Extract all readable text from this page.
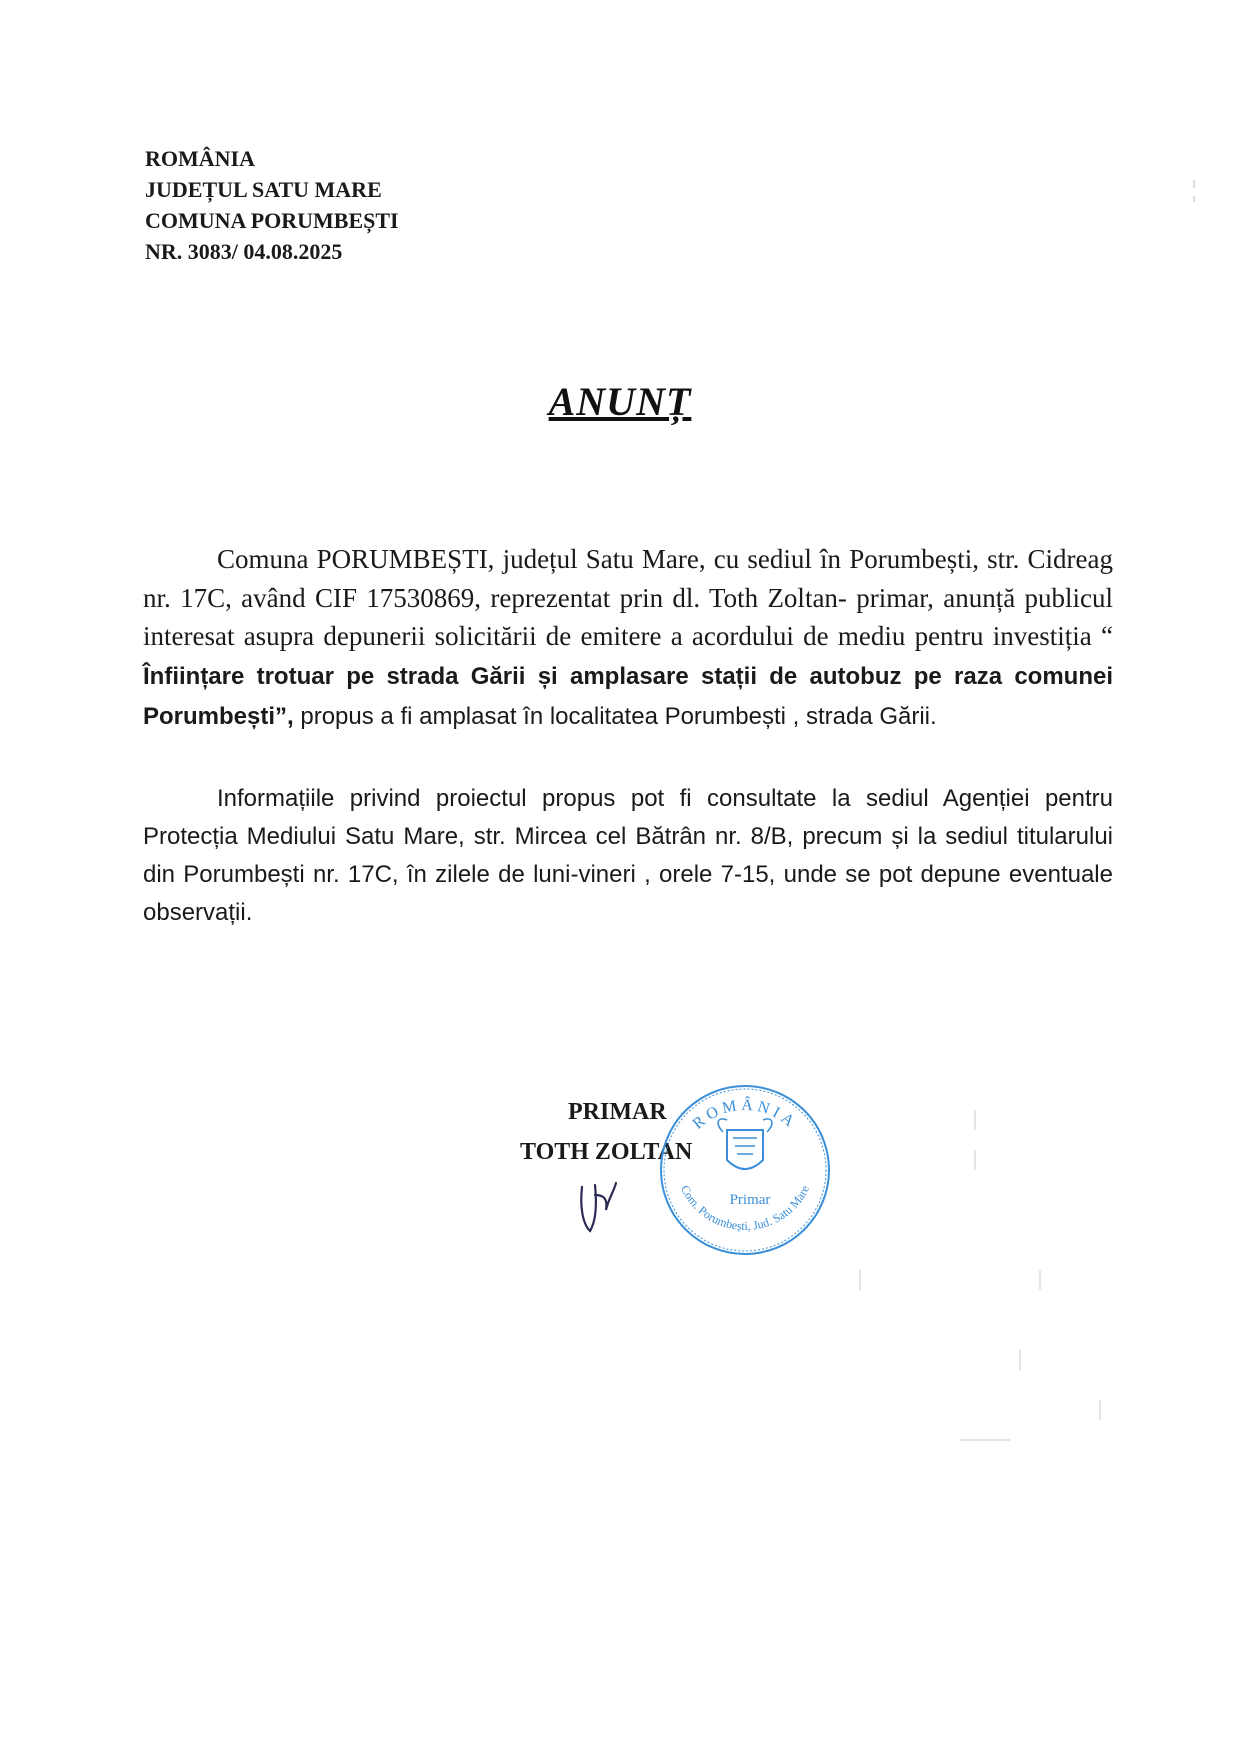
ROMÂNIA
JUDEȚUL SATU MARE
COMUNA PORUMBEȘTI
NR. 3083/ 04.08.2025
ANUNȚ
Comuna PORUMBEȘTI, județul Satu Mare, cu sediul în Porumbești, str. Cidreag nr. 17C, având CIF 17530869, reprezentat prin dl. Toth Zoltan- primar, anunță publicul interesat asupra depunerii solicitării de emitere a acordului de mediu pentru investiția “ Înființare trotuar pe strada Gării și amplasare stații de autobuz pe raza comunei Porumbești”, propus a fi amplasat în localitatea Porumbești , strada Gării.
Informațiile privind proiectul propus pot fi consultate la sediul Agenției pentru Protecția Mediului Satu Mare, str. Mircea cel Bătrân nr. 8/B, precum și la sediul titularului din Porumbești nr. 17C, în zilele de luni-vineri , orele 7-15, unde se pot depune eventuale observații.
PRIMAR
TOTH ZOLTAN
ROMÂNIA
Com. Porumbești, Jud. Satu Mare
Primar
